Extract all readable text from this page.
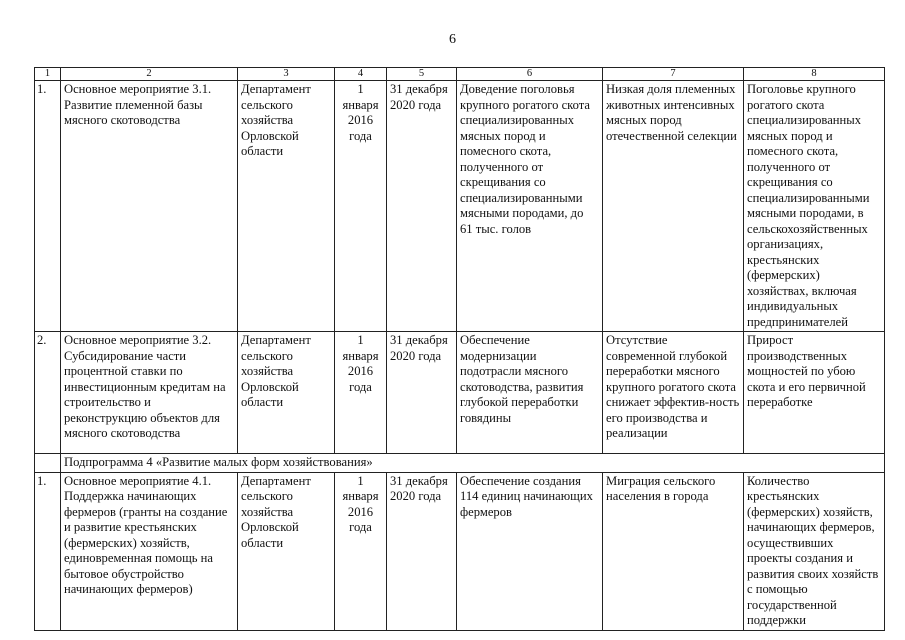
6
1	2	3	4	5	6	7	8
1.	Основное мероприятие 3.1. Развитие племенной базы мясного скотоводства	Департамент сельского хозяйства Орловской области	1 января 2016 года	31 декабря 2020 года	Доведение поголовья крупного рогатого скота специализированных мясных пород и помесного скота, полученного от скрещивания со специализированными мясными породами, до 61 тыс. голов	Низкая доля племенных животных интенсивных мясных пород отечественной селекции	Поголовье крупного рогатого скота специализированных мясных пород и помесного скота, полученного от скрещивания со специализированными мясными породами, в сельскохозяйственных организациях, крестьянских (фермерских) хозяйствах, включая индивидуальных предпринимателей
2.	Основное мероприятие 3.2. Субсидирование части процентной ставки по инвестиционным кредитам на строительство и реконструкцию объектов для мясного скотоводства	Департамент сельского хозяйства Орловской области	1 января 2016 года	31 декабря 2020 года	Обеспечение модернизации подотрасли мясного скотоводства, развития глубокой переработки говядины	Отсутствие современной глубокой переработки мясного крупного рогатого скота снижает эффектив-ность его производства и реализации	Прирост производственных мощностей по убою скота и его первичной переработке
	Подпрограмма 4 «Развитие малых форм хозяйствования»						
1.	Основное мероприятие 4.1. Поддержка начинающих фермеров (гранты на создание и развитие крестьянских (фермерских) хозяйств, единовременная помощь на бытовое обустройство начинающих фермеров)	Департамент сельского хозяйства Орловской области	1 января 2016 года	31 декабря 2020 года	Обеспечение создания 114 единиц начинающих фермеров	Миграция сельского населения в города	Количество крестьянских (фермерских) хозяйств, начинающих фермеров, осуществивших проекты создания и развития своих хозяйств с помощью государственной поддержки
